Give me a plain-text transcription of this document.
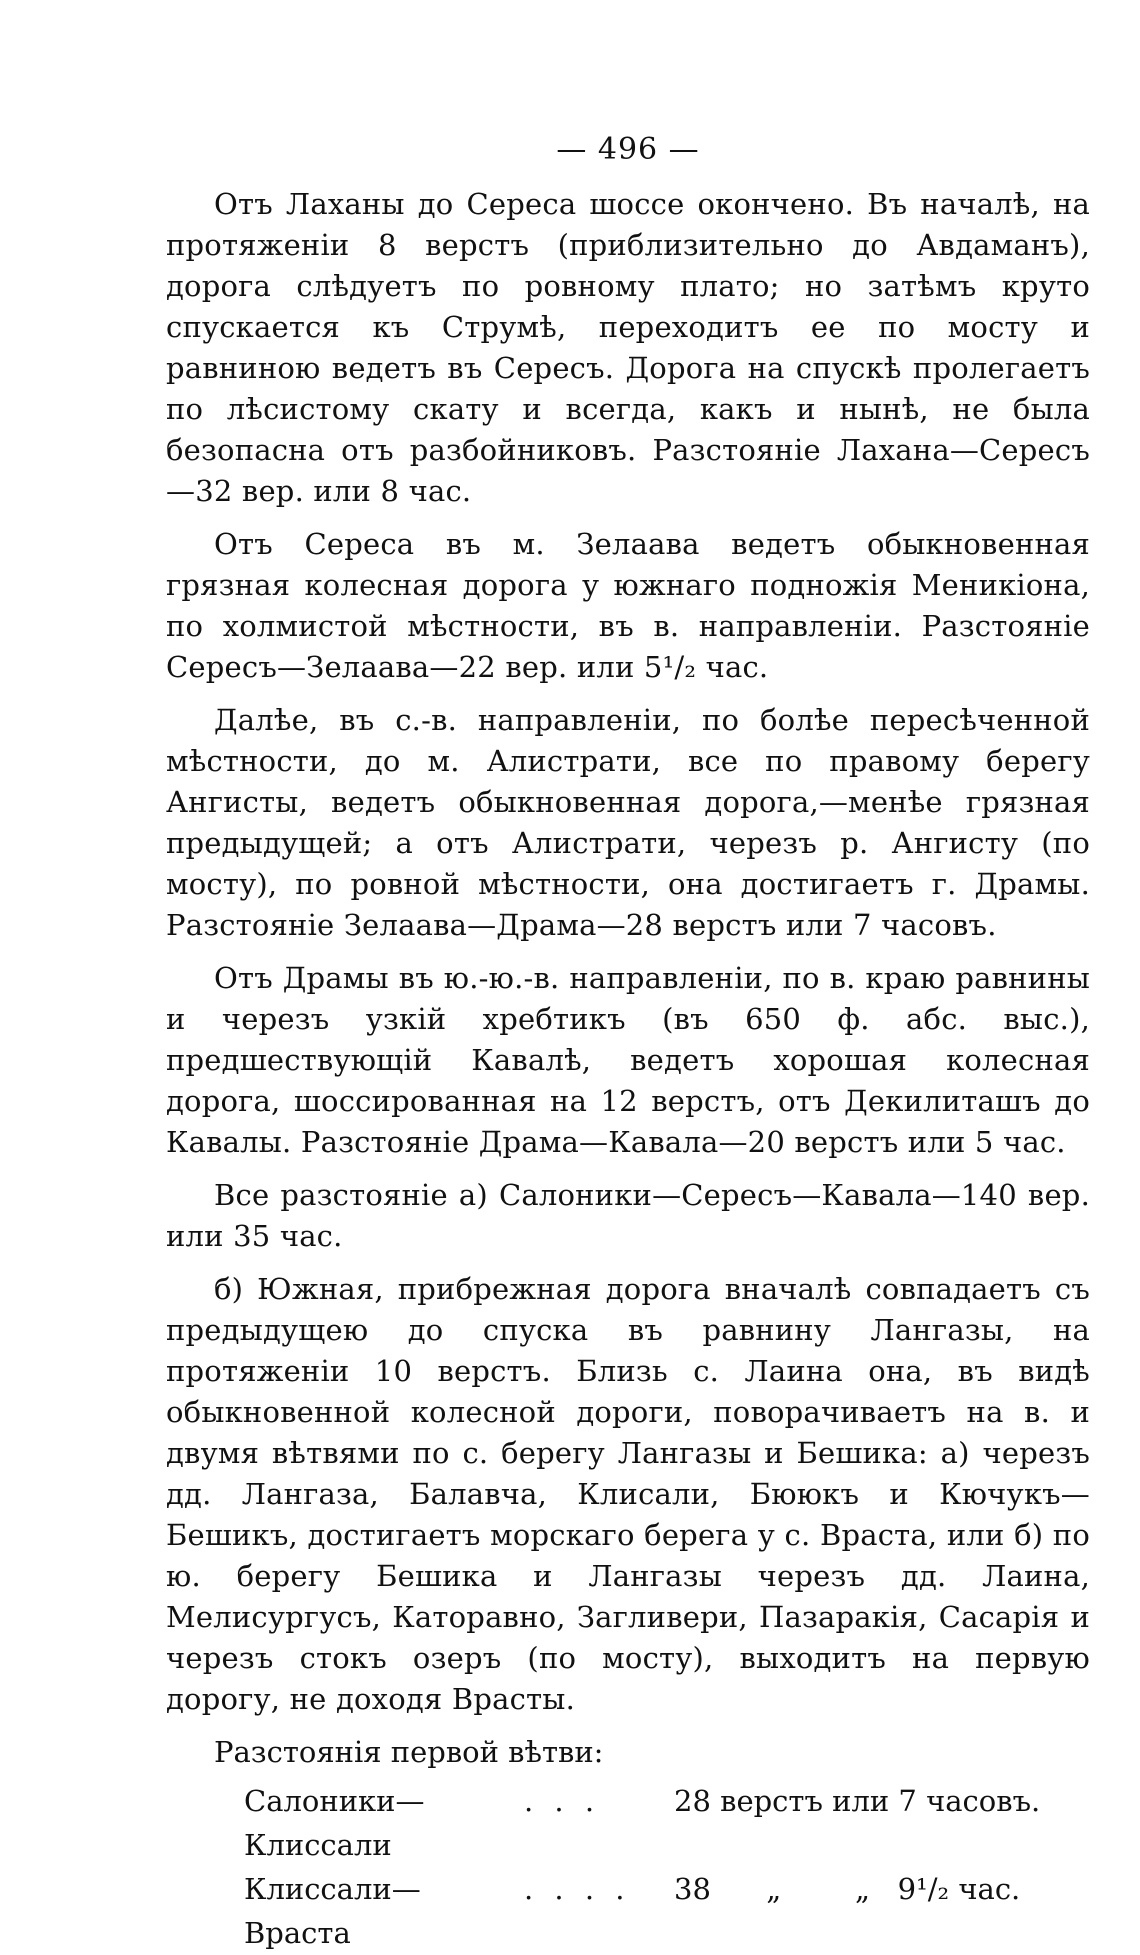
— 496 —

Отъ Лаханы до Сереса шоссе окончено. Въ началѣ, на протяженіи 8 верстъ (приблизительно до Авдаманъ), дорога слѣдуетъ по ровному плато; но затѣмъ круто спускается къ Струмѣ, переходитъ ее по мосту и равниною ведетъ въ Сересъ. Дорога на спускѣ пролегаетъ по лѣсистому скату и всегда, какъ и нынѣ, не была безопасна отъ разбойниковъ. Разстояніе Лахана—Сересъ—32 вер. или 8 час.

Отъ Сереса въ м. Зелаава ведетъ обыкновенная грязная колесная дорога у южнаго подножія Меникіона, по холмистой мѣстности, въ в. направленіи. Разстояніе Сересъ—Зелаава—22 вер. или 5¹/₂ час.

Далѣе, въ с.-в. направленіи, по болѣе пересѣченной мѣстности, до м. Алистрати, все по правому берегу Ангисты, ведетъ обыкновенная дорога,—менѣе грязная предыдущей; а отъ Алистрати, черезъ р. Ангисту (по мосту), по ровной мѣстности, она достигаетъ г. Драмы. Разстояніе Зелаава—Драма—28 верстъ или 7 часовъ.

Отъ Драмы въ ю.-ю.-в. направленіи, по в. краю равнины и черезъ узкій хребтикъ (въ 650 ф. абс. выс.), предшествующій Кавалѣ, ведетъ хорошая колесная дорога, шоссированная на 12 верстъ, отъ Декилиташъ до Кавалы. Разстояніе Драма—Кавала—20 верстъ или 5 час.

Все разстояніе а) Салоники—Сересъ—Кавала—140 вер. или 35 час.

б) Южная, прибрежная дорога вначалѣ совпадаетъ съ предыдущею до спуска въ равнину Лангазы, на протяженіи 10 верстъ. Близь с. Лаина она, въ видѣ обыкновенной колесной дороги, поворачиваетъ на в. и двумя вѣтвями по с. берегу Лангазы и Бешика: а) черезъ дд. Лангаза, Балавча, Клисали, Бююкъ и Кючукъ—Бешикъ, достигаетъ морскаго берега у с. Враста, или б) по ю. берегу Бешика и Лангазы черезъ дд. Лаина, Мелисургусъ, Каторавно, Загливери, Пазаракія, Сасарія и черезъ стокъ озеръ (по мосту), выходитъ на первую дорогу, не доходя Врасты.

Разстоянія первой вѣтви:
Салоники—Клиссали
. . .	28 верстъ или 7 часовъ.
Клиссали—Враста
. . . .	38      „        „   9¹/₂ час.
